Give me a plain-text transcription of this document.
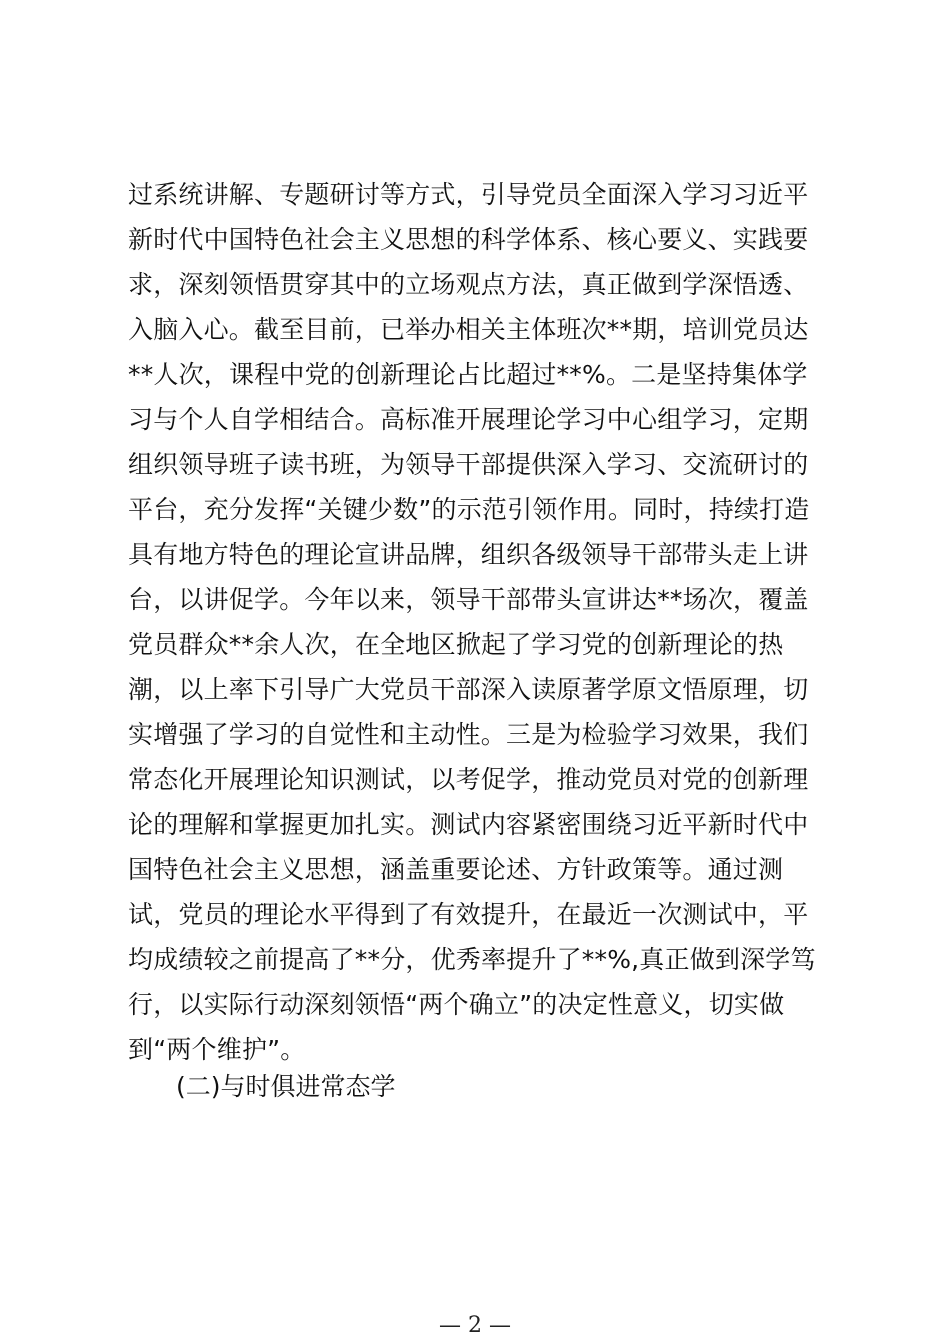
过系统讲解、专题研讨等方式，引导党员全面深入学习习近平
新时代中国特色社会主义思想的科学体系、核心要义、实践要
求，深刻领悟贯穿其中的立场观点方法，真正做到学深悟透、
入脑入心。截至目前，已举办相关主体班次**期，培训党员达
**人次，课程中党的创新理论占比超过**%。二是坚持集体学
习与个人自学相结合。高标准开展理论学习中心组学习，定期
组织领导班子读书班，为领导干部提供深入学习、交流研讨的
平台，充分发挥“关键少数”的示范引领作用。同时，持续打造
具有地方特色的理论宣讲品牌，组织各级领导干部带头走上讲
台，以讲促学。今年以来，领导干部带头宣讲达**场次，覆盖
党员群众**余人次，在全地区掀起了学习党的创新理论的热
潮，以上率下引导广大党员干部深入读原著学原文悟原理，切
实增强了学习的自觉性和主动性。三是为检验学习效果，我们
常态化开展理论知识测试，以考促学，推动党员对党的创新理
论的理解和掌握更加扎实。测试内容紧密围绕习近平新时代中
国特色社会主义思想，涵盖重要论述、方针政策等。通过测
试，党员的理论水平得到了有效提升，在最近一次测试中，平
均成绩较之前提高了**分，优秀率提升了**%,真正做到深学笃
行，以实际行动深刻领悟“两个确立”的决定性意义，切实做
到“两个维护”。
(二)与时俱进常态学
— 2 —
